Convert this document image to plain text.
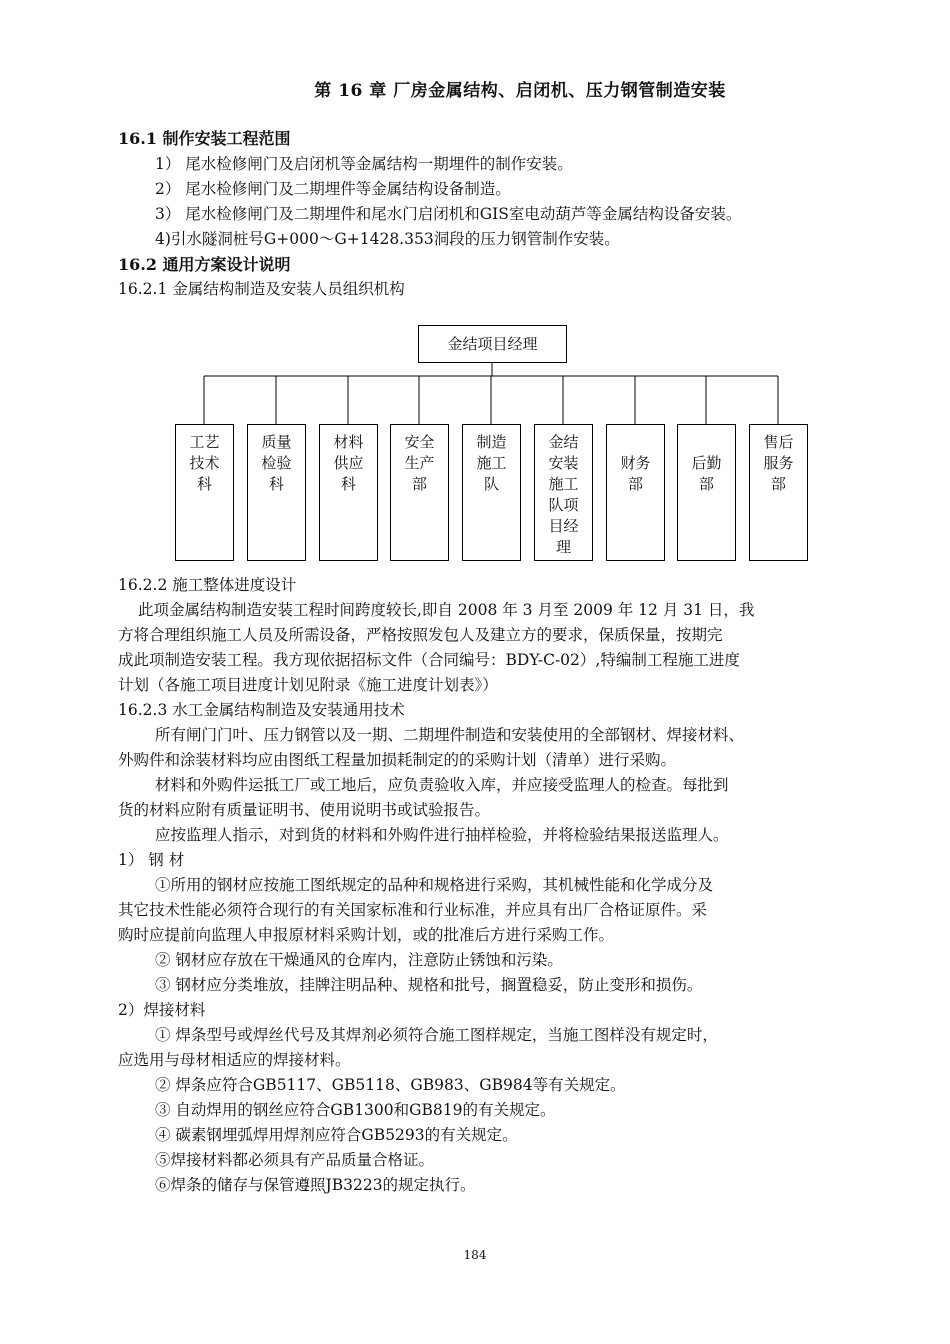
第 16 章 厂房金属结构、启闭机、压力钢管制造安装
16.1 制作安装工程范围
1） 尾水检修闸门及启闭机等金属结构一期埋件的制作安装。
2） 尾水检修闸门及二期埋件等金属结构设备制造。
3） 尾水检修闸门及二期埋件和尾水门启闭机和GIS室电动葫芦等金属结构设备安装。
4)引水隧洞桩号G+000～G+1428.353洞段的压力钢管制作安装。
16.2 通用方案设计说明
16.2.1 金属结构制造及安装人员组织机构
金结项目经理
工艺
技术
科
质量
检验
科
材料
供应
科
安全
生产
部
制造
施工
队
金结
安装
施工
队项
目经
理
财务
部
后勤
部
售后
服务
部
16.2.2 施工整体进度设计
此项金属结构制造安装工程时间跨度较长,即自 2008 年 3 月至 2009 年 12 月 31 日，我
方将合理组织施工人员及所需设备，严格按照发包人及建立方的要求，保质保量，按期完
成此项制造安装工程。我方现依据招标文件（合同编号：BDY-C-02）,特编制工程施工进度
计划（各施工项目进度计划见附录《施工进度计划表》）
16.2.3 水工金属结构制造及安装通用技术
所有闸门门叶、压力钢管以及一期、二期埋件制造和安装使用的全部钢材、焊接材料、
外购件和涂装材料均应由图纸工程量加损耗制定的的采购计划（清单）进行采购。
材料和外购件运抵工厂或工地后，应负责验收入库，并应接受监理人的检查。每批到
货的材料应附有质量证明书、使用说明书或试验报告。
应按监理人指示，对到货的材料和外购件进行抽样检验，并将检验结果报送监理人。
1） 钢 材
①所用的钢材应按施工图纸规定的品种和规格进行采购，其机械性能和化学成分及
其它技术性能必须符合现行的有关国家标准和行业标准，并应具有出厂合格证原件。采
购时应提前向监理人申报原材料采购计划，或的批准后方进行采购工作。
② 钢材应存放在干燥通风的仓库内，注意防止锈蚀和污染。
③ 钢材应分类堆放，挂牌注明品种、规格和批号，搁置稳妥，防止变形和损伤。
2）焊接材料
① 焊条型号或焊丝代号及其焊剂必须符合施工图样规定，当施工图样没有规定时，
应选用与母材相适应的焊接材料。
② 焊条应符合GB5117、GB5118、GB983、GB984等有关规定。
③ 自动焊用的钢丝应符合GB1300和GB819的有关规定。
④ 碳素钢埋弧焊用焊剂应符合GB5293的有关规定。
⑤焊接材料都必须具有产品质量合格证。
⑥焊条的储存与保管遵照JB3223的规定执行。
184
